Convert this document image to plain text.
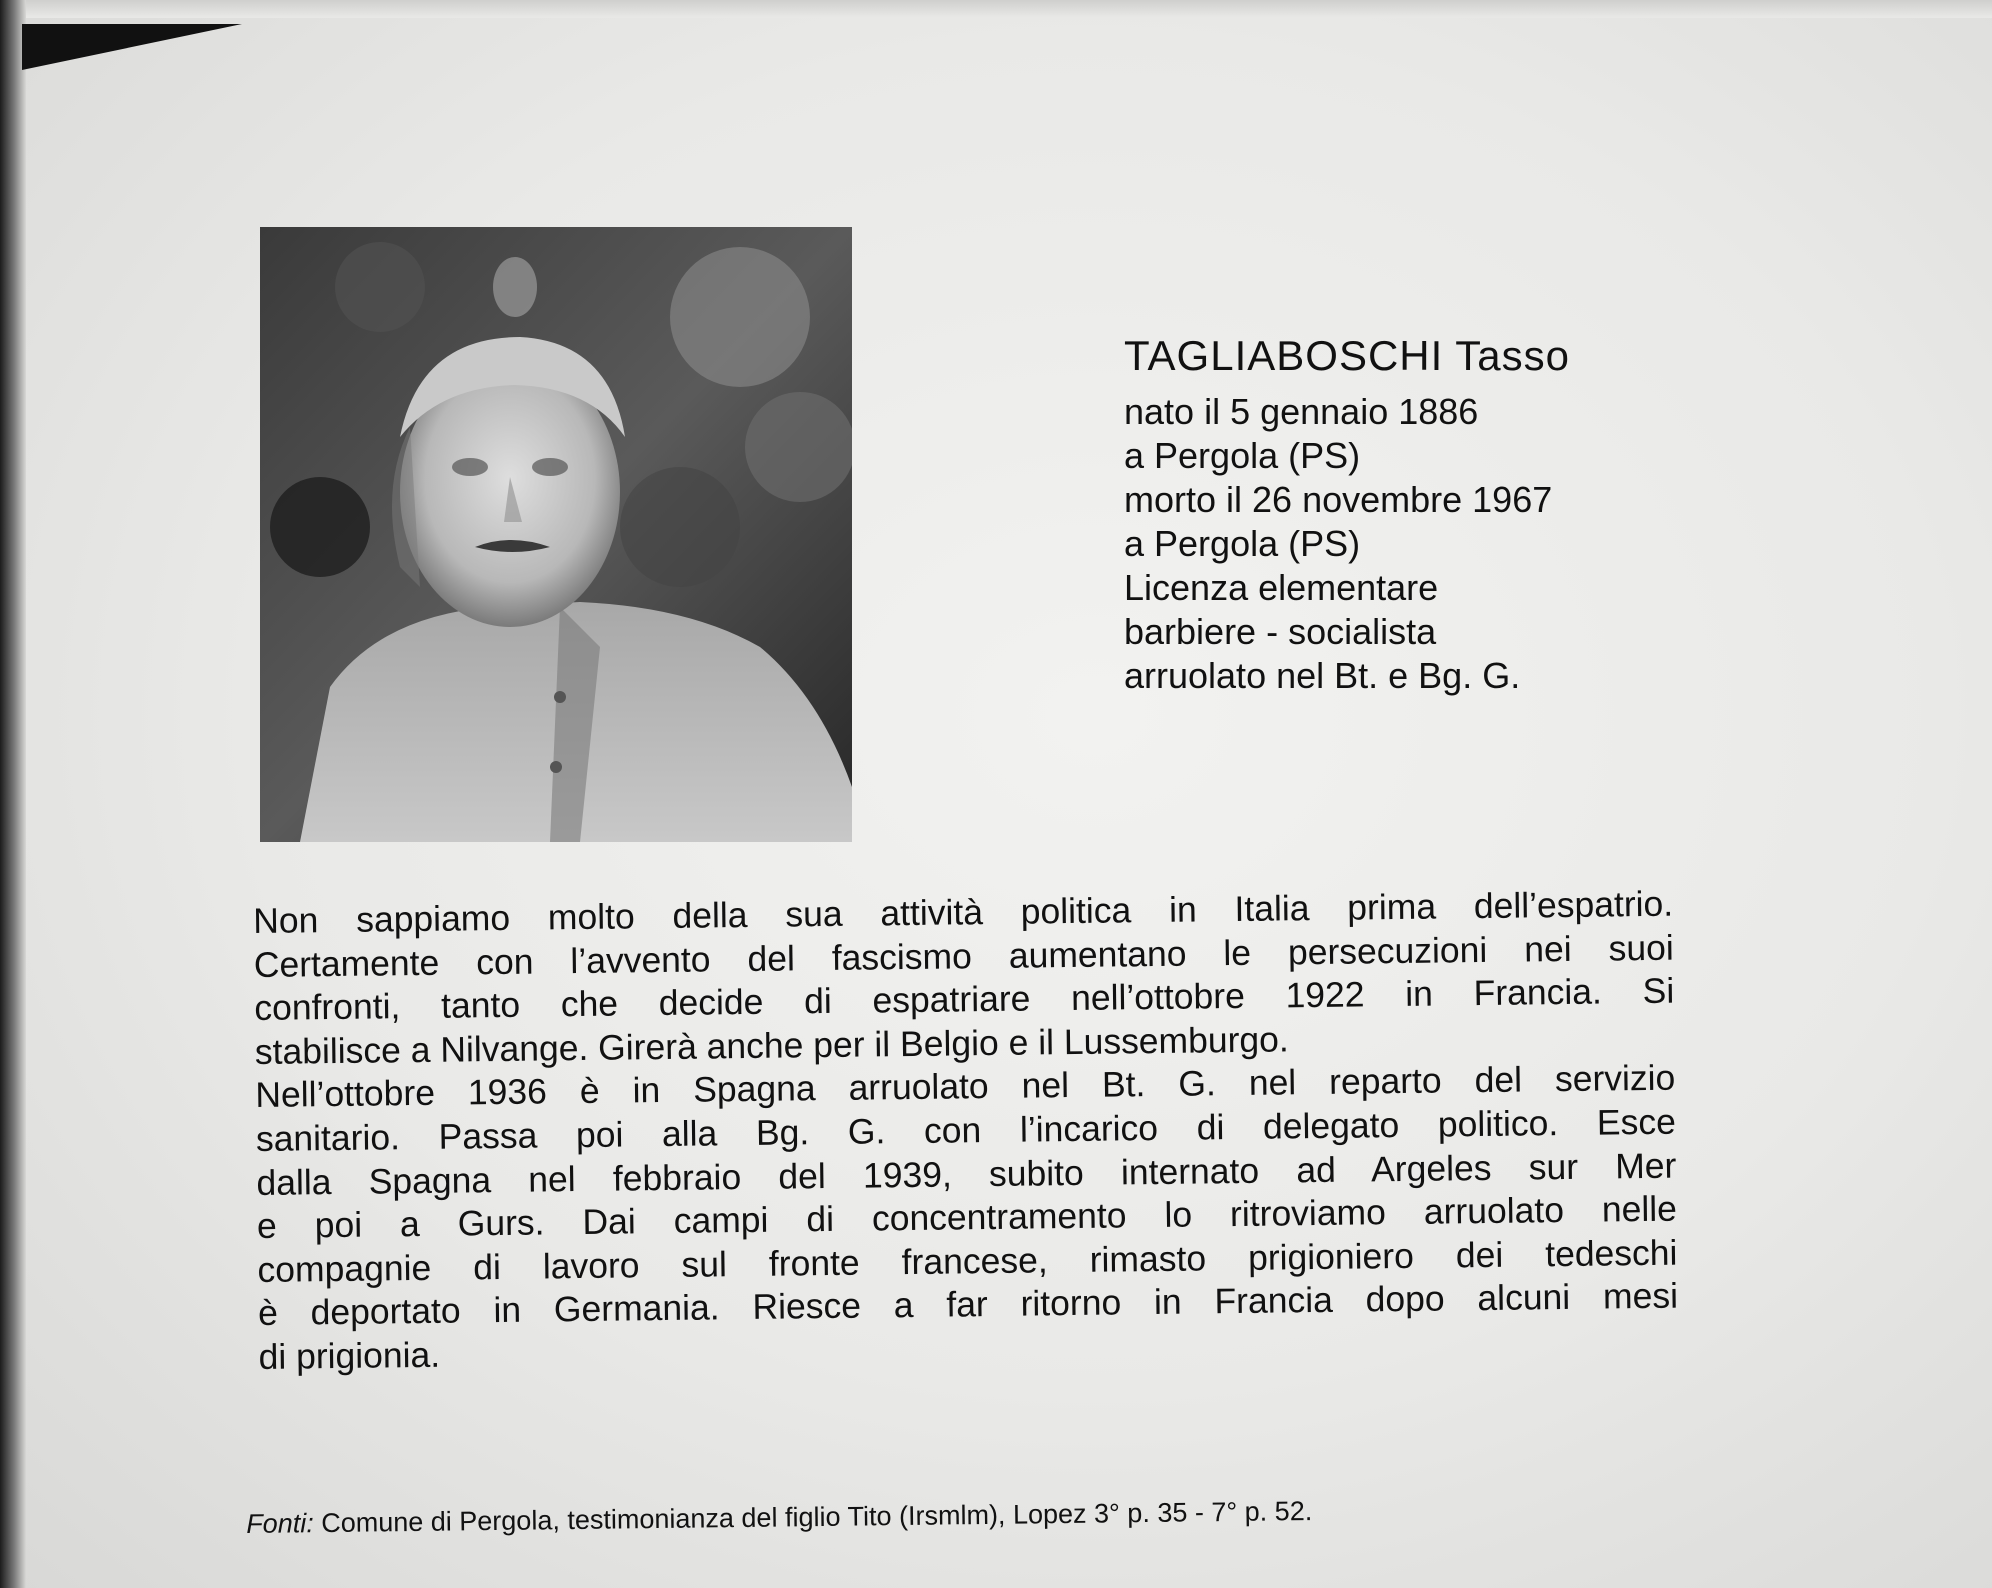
TAGLIABOSCHI Tasso
nato il 5 gennaio 1886
a Pergola (PS)
morto il 26 novembre 1967
a Pergola (PS)
Licenza elementare
barbiere - socialista
arruolato nel Bt. e Bg. G.
Non sappiamo molto della sua attività politica in Italia prima dell’espatrio.
Certamente con l’avvento del fascismo aumentano le persecuzioni nei suoi
confronti, tanto che decide di espatriare nell’ottobre 1922 in Francia. Si
stabilisce a Nilvange. Girerà anche per il Belgio e il Lussemburgo.
Nell’ottobre 1936 è in Spagna arruolato nel Bt. G. nel reparto del servizio
sanitario. Passa poi alla Bg. G. con l’incarico di delegato politico. Esce
dalla Spagna nel febbraio del 1939, subito internato ad Argeles sur Mer
e poi a Gurs. Dai campi di concentramento lo ritroviamo arruolato nelle
compagnie di lavoro sul fronte francese, rimasto prigioniero dei tedeschi
è deportato in Germania. Riesce a far ritorno in Francia dopo alcuni mesi
di prigionia.
Fonti: Comune di Pergola, testimonianza del figlio Tito (Irsmlm), Lopez 3° p. 35 - 7° p. 52.
